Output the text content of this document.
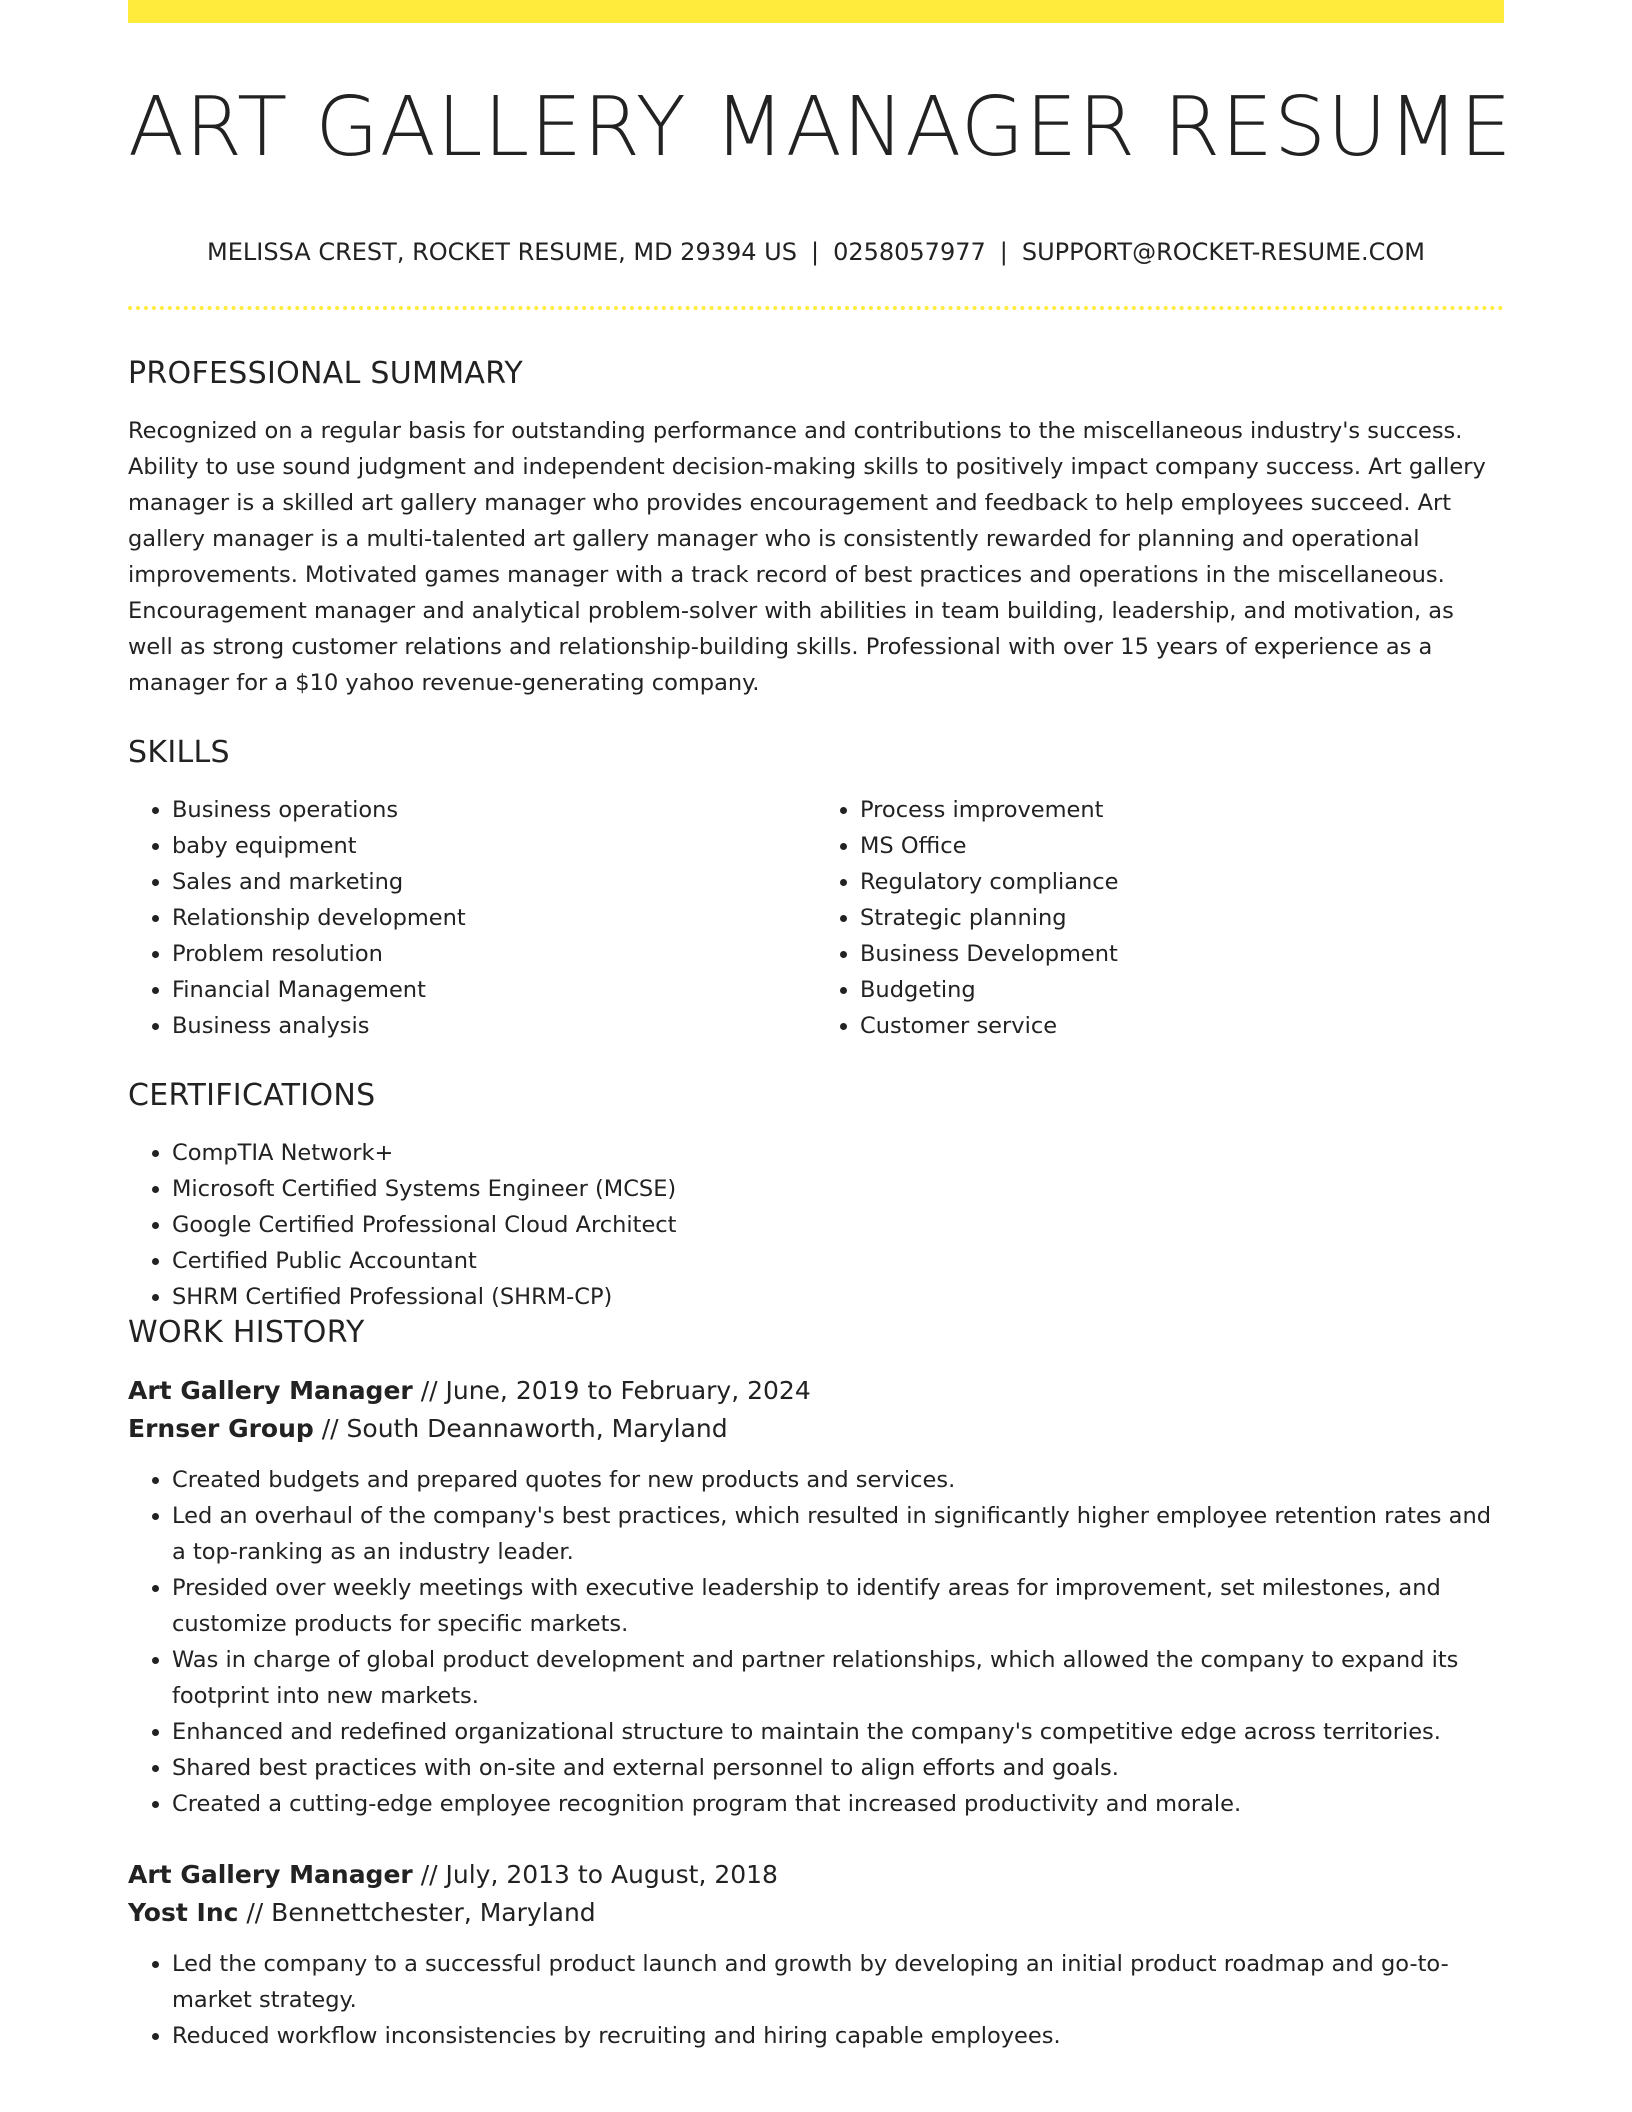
ART GALLERY MANAGER RESUME
MELISSA CREST, ROCKET RESUME, MD 29394 US | 0258057977 | SUPPORT@ROCKET-RESUME.COM
PROFESSIONAL SUMMARY

Recognized on a regular basis for outstanding performance and contributions to the miscellaneous industry's success. Ability to use sound judgment and independent decision-making skills to positively impact company success. Art gallery manager is a skilled art gallery manager who provides encouragement and feedback to help employees succeed. Art gallery manager is a multi-talented art gallery manager who is consistently rewarded for planning and operational improvements. Motivated games manager with a track record of best practices and operations in the miscellaneous. Encouragement manager and analytical problem-solver with abilities in team building, leadership, and motivation, as well as strong customer relations and relationship-building skills. Professional with over 15 years of experience as a manager for a $10 yahoo revenue-generating company.

SKILLS
• Business operations
• baby equipment
• Sales and marketing
• Relationship development
• Problem resolution
• Financial Management
• Business analysis
• Process improvement
• MS Office
• Regulatory compliance
• Strategic planning
• Business Development
• Budgeting
• Customer service
CERTIFICATIONS
• CompTIA Network+
• Microsoft Certified Systems Engineer (MCSE)
• Google Certified Professional Cloud Architect
• Certified Public Accountant
• SHRM Certified Professional (SHRM-CP)
WORK HISTORY
Art Gallery Manager // June, 2019 to February, 2024
Ernser Group // South Deannaworth, Maryland
• Created budgets and prepared quotes for new products and services.
• Led an overhaul of the company's best practices, which resulted in significantly higher employee retention rates and a top-ranking as an industry leader.
• Presided over weekly meetings with executive leadership to identify areas for improvement, set milestones, and customize products for specific markets.
• Was in charge of global product development and partner relationships, which allowed the company to expand its footprint into new markets.
• Enhanced and redefined organizational structure to maintain the company's competitive edge across territories.
• Shared best practices with on-site and external personnel to align efforts and goals.
• Created a cutting-edge employee recognition program that increased productivity and morale.
Art Gallery Manager // July, 2013 to August, 2018
Yost Inc // Bennettchester, Maryland
• Led the company to a successful product launch and growth by developing an initial product roadmap and go-to-market strategy.
• Reduced workflow inconsistencies by recruiting and hiring capable employees.
